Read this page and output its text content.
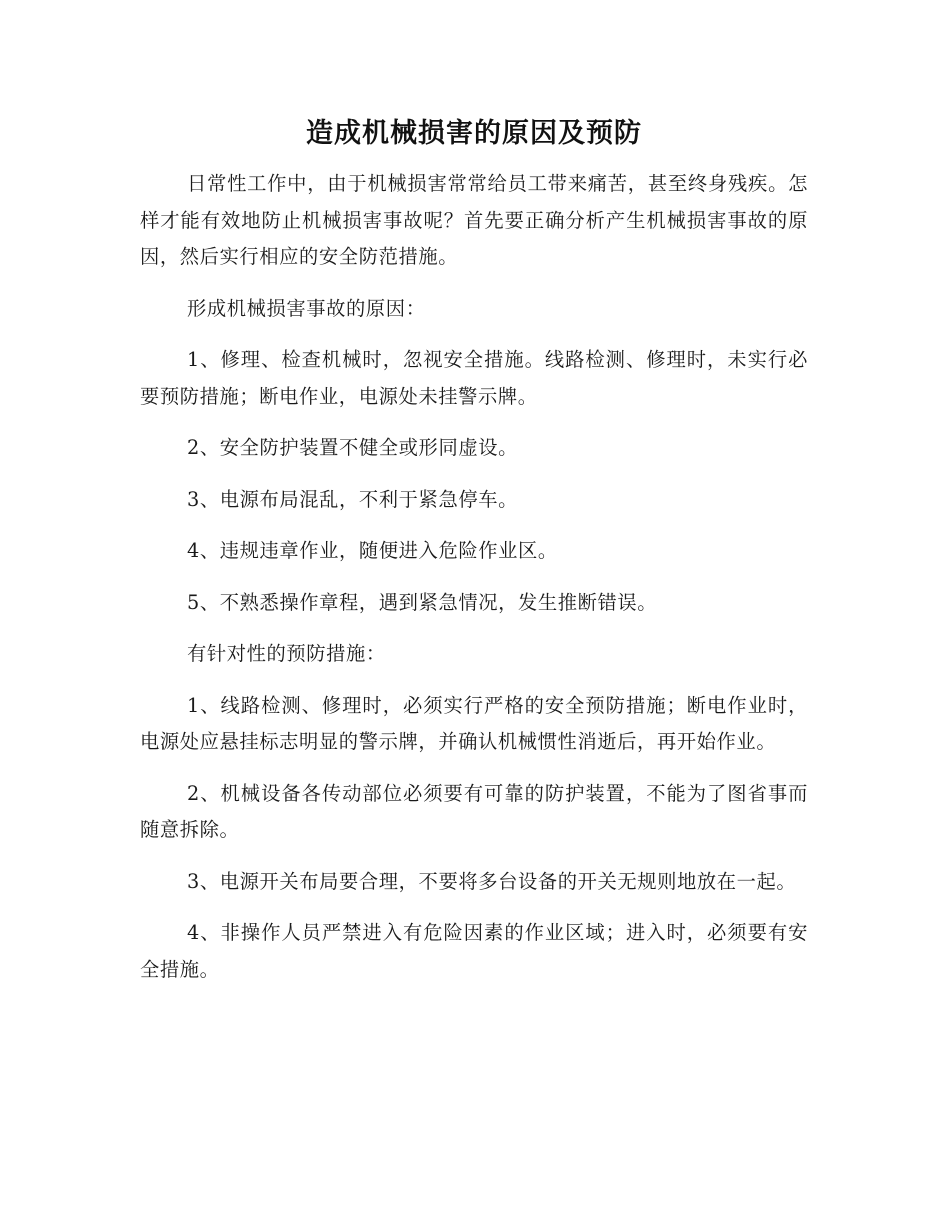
造成机械损害的原因及预防

日常性工作中，由于机械损害常常给员工带来痛苦，甚至终身残疾。怎样才能有效地防止机械损害事故呢？首先要正确分析产生机械损害事故的原因，然后实行相应的安全防范措施。

形成机械损害事故的原因：

1、修理、检查机械时，忽视安全措施。线路检测、修理时，未实行必要预防措施；断电作业，电源处未挂警示牌。

2、安全防护装置不健全或形同虚设。

3、电源布局混乱，不利于紧急停车。

4、违规违章作业，随便进入危险作业区。

5、不熟悉操作章程，遇到紧急情况，发生推断错误。

有针对性的预防措施：

1、线路检测、修理时，必须实行严格的安全预防措施；断电作业时，电源处应悬挂标志明显的警示牌，并确认机械惯性消逝后，再开始作业。

2、机械设备各传动部位必须要有可靠的防护装置，不能为了图省事而随意拆除。

3、电源开关布局要合理，不要将多台设备的开关无规则地放在一起。

4、非操作人员严禁进入有危险因素的作业区域；进入时，必须要有安全措施。
